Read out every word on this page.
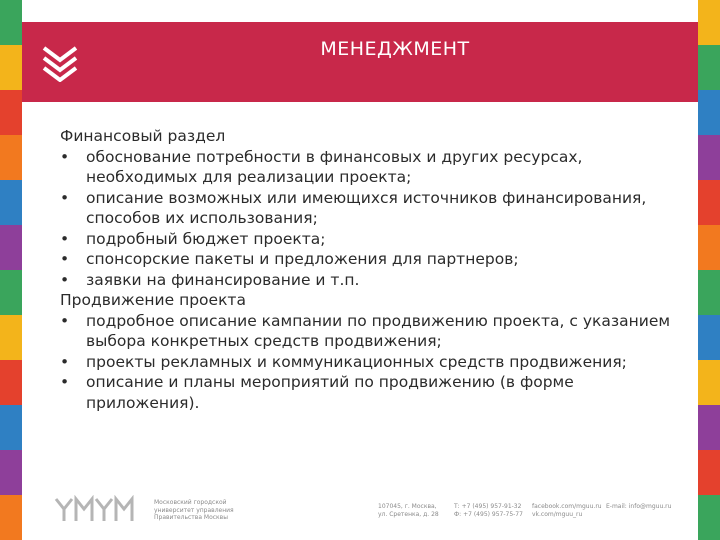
МЕНЕДЖМЕНТ
Финансовый раздел
• обоснование потребности в финансовых и других ресурсах, необходимых для реализации проекта;
• описание возможных или имеющихся источников финансирования, способов их использования;
• подробный бюджет проекта;
• спонсорские пакеты и предложения для партнеров;
• заявки на финансирование и т.п.
Продвижение проекта
• подробное описание кампании по продвижению проекта, с указанием выбора конкретных средств продвижения;
• проекты рекламных и коммуникационных средств продвижения;
• описание и планы мероприятий по продвижению (в форме приложения).
Московский городской
университет управления
Правительства Москвы
107045, г. Москва,
ул. Сретенка, д. 28
Т: +7 (495) 957-91-32
Ф: +7 (495) 957-75-77
facebook.com/mguu.ru
vk.com/mguu_ru
E-mail: info@mguu.ru
